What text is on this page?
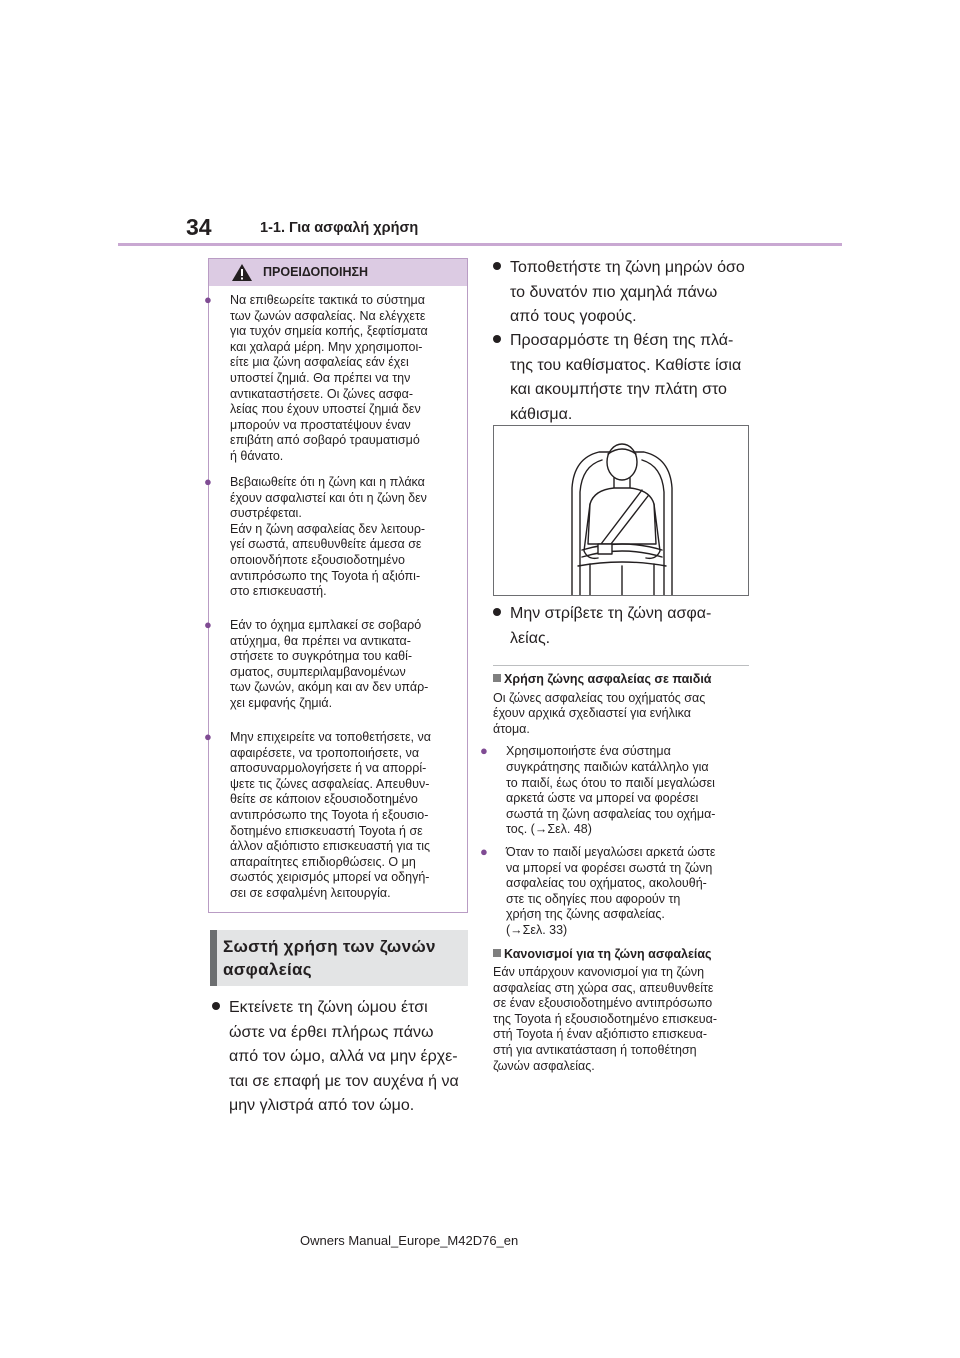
34	1-1. Για ασφαλή χρήση
ΠΡΟΕΙΔΟΠΟΙΗΣΗ
● Να επιθεωρείτε τακτικά το σύστημα
των ζωνών ασφαλείας. Να ελέγχετε
για τυχόν σημεία κοπής, ξεφτίσματα
και χαλαρά μέρη. Μην χρησιμοποι-
είτε μια ζώνη ασφαλείας εάν έχει
υποστεί ζημιά. Θα πρέπει να την
αντικαταστήσετε. Οι ζώνες ασφα-
λείας που έχουν υποστεί ζημιά δεν
μπορούν να προστατέψουν έναν
επιβάτη από σοβαρό τραυματισμό
ή θάνατο.
● Βεβαιωθείτε ότι η ζώνη και η πλάκα
έχουν ασφαλιστεί και ότι η ζώνη δεν
συστρέφεται.
Εάν η ζώνη ασφαλείας δεν λειτουρ-
γεί σωστά, απευθυνθείτε άμεσα σε
οποιονδήποτε εξουσιοδοτημένο
αντιπρόσωπο της Toyota ή αξιόπι-
στο επισκευαστή.
● Εάν το όχημα εμπλακεί σε σοβαρό
ατύχημα, θα πρέπει να αντικατα-
στήσετε το συγκρότημα του καθί-
σματος, συμπεριλαμβανομένων
των ζωνών, ακόμη και αν δεν υπάρ-
χει εμφανής ζημιά.
● Μην επιχειρείτε να τοποθετήσετε, να
αφαιρέσετε, να τροποποιήσετε, να
αποσυναρμολογήσετε ή να απορρί-
ψετε τις ζώνες ασφαλείας. Απευθυν-
θείτε σε κάποιον εξουσιοδοτημένο
αντιπρόσωπο της Toyota ή εξουσιο-
δοτημένο επισκευαστή Toyota ή σε
άλλον αξιόπιστο επισκευαστή για τις
απαραίτητες επιδιορθώσεις. Ο μη
σωστός χειρισμός μπορεί να οδηγή-
σει σε εσφαλμένη λειτουργία.
Σωστή χρήση των ζωνών
ασφαλείας
Εκτείνετε τη ζώνη ώμου έτσι
ώστε να έρθει πλήρως πάνω
από τον ώμο, αλλά να μην έρχε-
ται σε επαφή με τον αυχένα ή να
μην γλιστρά από τον ώμο.
Τοποθετήστε τη ζώνη μηρών όσο
το δυνατόν πιο χαμηλά πάνω
από τους γοφούς.
Προσαρμόστε τη θέση της πλά-
της του καθίσματος. Καθίστε ίσια
και ακουμπήστε την πλάτη στο
κάθισμα.
Μην στρίβετε τη ζώνη ασφα-
λείας.
Χρήση ζώνης ασφαλείας σε παιδιά
Οι ζώνες ασφαλείας του οχήματός σας
έχουν αρχικά σχεδιαστεί για ενήλικα
άτομα.
● Χρησιμοποιήστε ένα σύστημα
συγκράτησης παιδιών κατάλληλο για
το παιδί, έως ότου το παιδί μεγαλώσει
αρκετά ώστε να μπορεί να φορέσει
σωστά τη ζώνη ασφαλείας του οχήμα-
τος. (→Σελ. 48)
● Όταν το παιδί μεγαλώσει αρκετά ώστε
να μπορεί να φορέσει σωστά τη ζώνη
ασφαλείας του οχήματος, ακολουθή-
στε τις οδηγίες που αφορούν τη
χρήση της ζώνης ασφαλείας.
(→Σελ. 33)
Κανονισμοί για τη ζώνη ασφαλείας
Εάν υπάρχουν κανονισμοί για τη ζώνη
ασφαλείας στη χώρα σας, απευθυνθείτε
σε έναν εξουσιοδοτημένο αντιπρόσωπο
της Toyota ή εξουσιοδοτημένο επισκευα-
στή Toyota ή έναν αξιόπιστο επισκευα-
στή για αντικατάσταση ή τοποθέτηση
ζωνών ασφαλείας.
Owners Manual_Europe_M42D76_en
